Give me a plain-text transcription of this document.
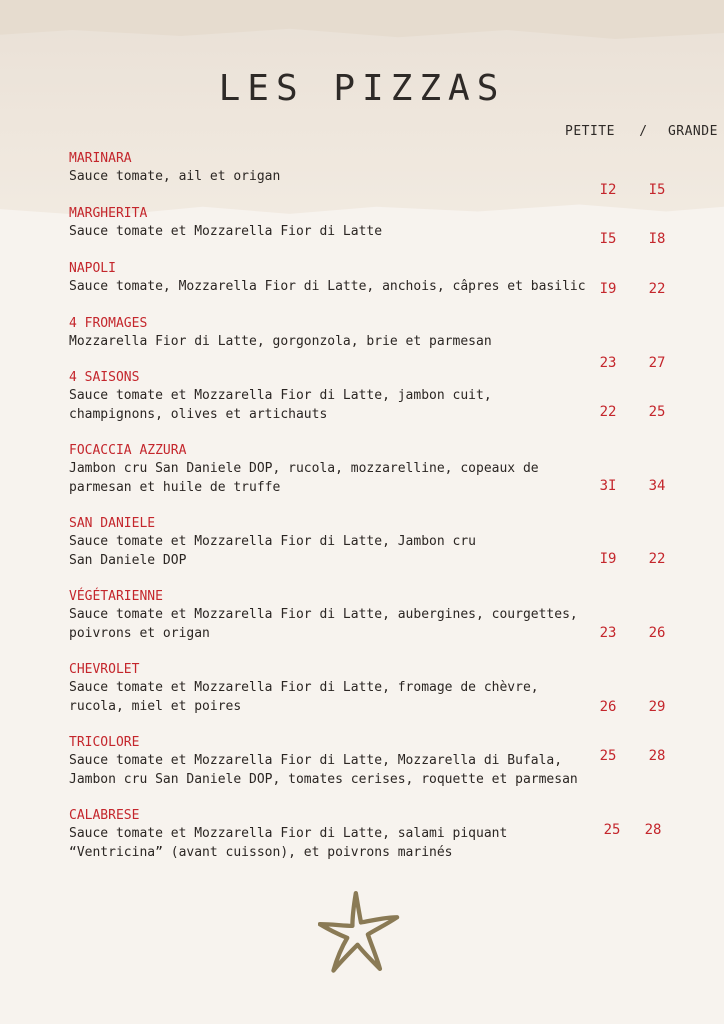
LES PIZZAS
PETITE / GRANDE
MARINARA
Sauce tomate, ail et origan
I2	I5
MARGHERITA
Sauce tomate et Mozzarella Fior di Latte	I5	I8
NAPOLI
Sauce tomate, Mozzarella Fior di Latte, anchois, câpres et basilic	I9	22
4 FROMAGES
Mozzarella Fior di Latte, gorgonzola, brie et parmesan
23	27
4 SAISONS
Sauce tomate et Mozzarella Fior di Latte, jambon cuit,
champignons, olives et artichauts	22	25
FOCACCIA AZZURA
Jambon cru San Daniele DOP, rucola, mozzarelline, copeaux de
parmesan et huile de truffe	3I	34
SAN DANIELE
Sauce tomate et Mozzarella Fior di Latte, Jambon cru
San Daniele DOP	I9	22
VÉGÉTARIENNE
Sauce tomate et Mozzarella Fior di Latte, aubergines, courgettes,
poivrons et origan	23	26
CHEVROLET
Sauce tomate et Mozzarella Fior di Latte, fromage de chèvre,
rucola, miel et poires	26	29
TRICOLORE
Sauce tomate et Mozzarella Fior di Latte, Mozzarella di Bufala,
Jambon cru San Daniele DOP, tomates cerises, roquette et parmesan
25	28
CALABRESE
Sauce tomate et Mozzarella Fior di Latte, salami piquant
“Ventricina” (avant cuisson), et poivrons marinés
25	28
